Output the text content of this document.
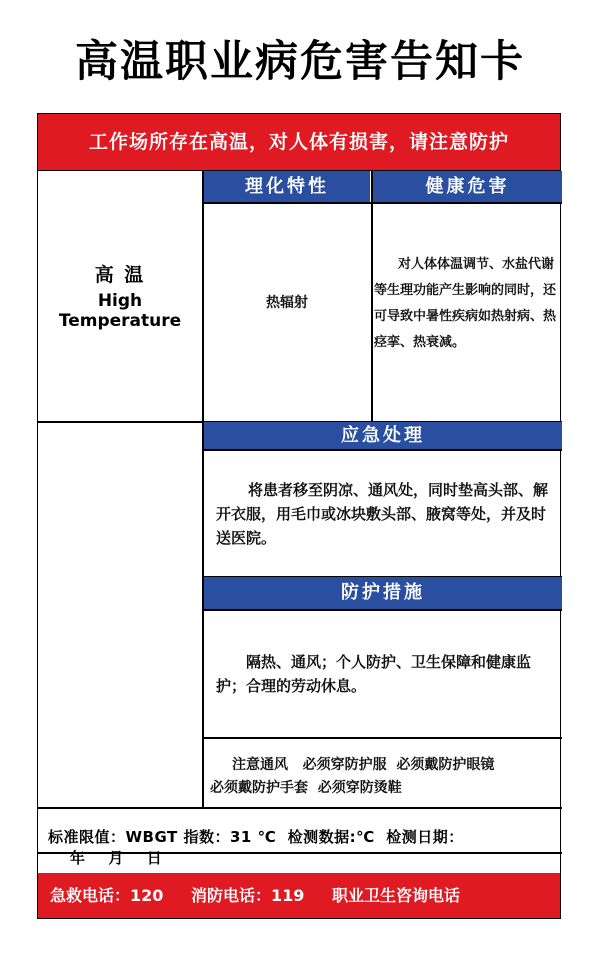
高温职业病危害告知卡
工作场所存在高温，对人体有损害，请注意防护
高 温
High Temperature
理化特性	健康危害
热辐射
对人体体温调节、水盐代谢等生理功能产生影响的同时，还可导致中暑性疾病如热射病、热痉挛、热衰减。
应急处理
将患者移至阴凉、通风处，同时垫高头部、解开衣服，用毛巾或冰块敷头部、腋窝等处，并及时送医院。
防护措施
隔热、通风；个人防护、卫生保障和健康监护；合理的劳动休息。
注意通风   必须穿防护服  必须戴防护眼镜
必须戴防护手套  必须穿防烫鞋
标准限值：WBGT 指数：31 ℃  检测数据:℃  检测日期：年    月    日
急救电话：120 消防电话：119 职业卫生咨询电话 :3768817
